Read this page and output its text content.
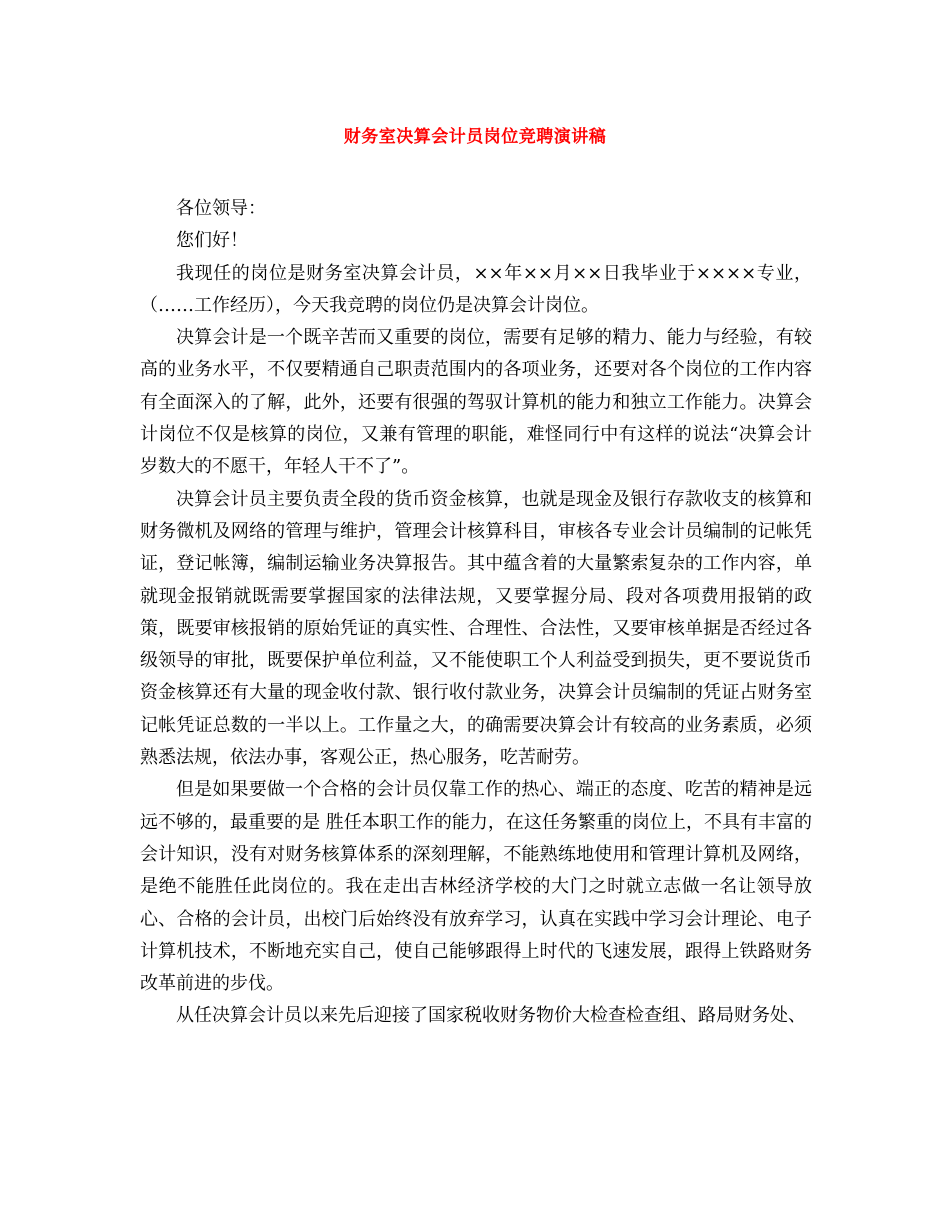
财务室决算会计员岗位竞聘演讲稿

各位领导：

您们好！

我现任的岗位是财务室决算会计员，××年××月××日我毕业于××××专业，（……工作经历），今天我竞聘的岗位仍是决算会计岗位。

决算会计是一个既辛苦而又重要的岗位，需要有足够的精力、能力与经验，有较高的业务水平，不仅要精通自己职责范围内的各项业务，还要对各个岗位的工作内容有全面深入的了解，此外，还要有很强的驾驭计算机的能力和独立工作能力。决算会计岗位不仅是核算的岗位，又兼有管理的职能，难怪同行中有这样的说法“决算会计岁数大的不愿干，年轻人干不了”。

决算会计员主要负责全段的货币资金核算，也就是现金及银行存款收支的核算和财务微机及网络的管理与维护，管理会计核算科目，审核各专业会计员编制的记帐凭证，登记帐簿，编制运输业务决算报告。其中蕴含着的大量繁索复杂的工作内容，单就现金报销就既需要掌握国家的法律法规，又要掌握分局、段对各项费用报销的政策，既要审核报销的原始凭证的真实性、合理性、合法性，又要审核单据是否经过各级领导的审批，既要保护单位利益，又不能使职工个人利益受到损失，更不要说货币资金核算还有大量的现金收付款、银行收付款业务，决算会计员编制的凭证占财务室记帐凭证总数的一半以上。工作量之大，的确需要决算会计有较高的业务素质，必须熟悉法规，依法办事，客观公正，热心服务，吃苦耐劳。

但是如果要做一个合格的会计员仅靠工作的热心、端正的态度、吃苦的精神是远远不够的，最重要的是 胜任本职工作的能力，在这任务繁重的岗位上，不具有丰富的会计知识，没有对财务核算体系的深刻理解，不能熟练地使用和管理计算机及网络，是绝不能胜任此岗位的。我在走出吉林经济学校的大门之时就立志做一名让领导放心、合格的会计员，出校门后始终没有放弃学习，认真在实践中学习会计理论、电子计算机技术，不断地充实自己，使自己能够跟得上时代的飞速发展，跟得上铁路财务改革前进的步伐。

从任决算会计员以来先后迎接了国家税收财务物价大检查检查组、路局财务处、
